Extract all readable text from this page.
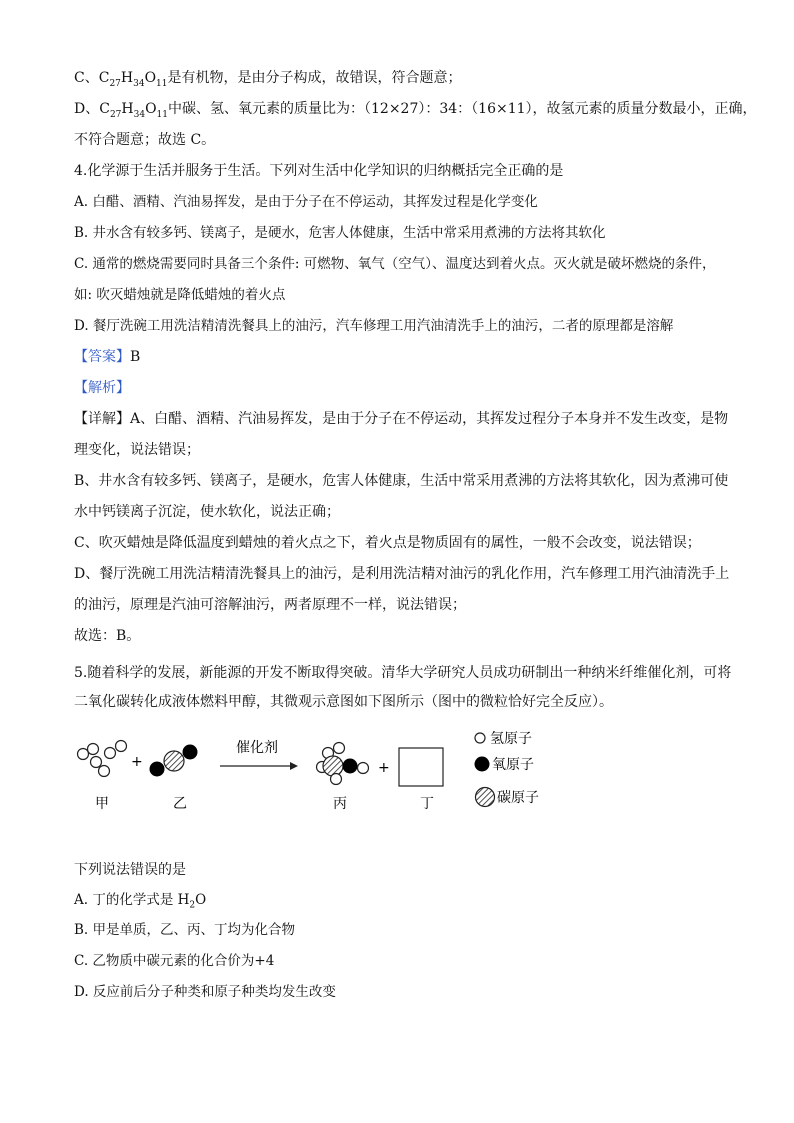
C、$C_{27}H_{34}O_{11}$是有机物，是由分子构成，故错误，符合题意；
D、$C_{27}H_{34}O_{11}$中碳、氢、氧元素的质量比为：（12×27）：34：（16×11），故氢元素的质量分数最小，正确，
不符合题意；故选 C。
4.化学源于生活并服务于生活。下列对生活中化学知识的归纳概括完全正确的是
A. 白醋、酒精、汽油易挥发，是由于分子在不停运动，其挥发过程是化学变化
B. 井水含有较多钙、镁离子，是硬水，危害人体健康，生活中常采用煮沸的方法将其软化
C. 通常的燃烧需要同时具备三个条件: 可燃物、氧气（空气）、温度达到着火点。灭火就是破坏燃烧的条件，
如: 吹灭蜡烛就是降低蜡烛的着火点
D. 餐厅洗碗工用洗洁精清洗餐具上的油污，汽车修理工用汽油清洗手上的油污，二者的原理都是溶解
【答案】B
【解析】
【详解】A、白醋、酒精、汽油易挥发，是由于分子在不停运动，其挥发过程分子本身并不发生改变，是物
理变化，说法错误；
B、井水含有较多钙、镁离子，是硬水，危害人体健康，生活中常采用煮沸的方法将其软化，因为煮沸可使
水中钙镁离子沉淀，使水软化，说法正确；
C、吹灭蜡烛是降低温度到蜡烛的着火点之下，着火点是物质固有的属性，一般不会改变，说法错误；
D、餐厅洗碗工用洗洁精清洗餐具上的油污，是利用洗洁精对油污的乳化作用，汽车修理工用汽油清洗手上
的油污，原理是汽油可溶解油污，两者原理不一样，说法错误；
故选：B。
5.随着科学的发展，新能源的开发不断取得突破。清华大学研究人员成功研制出一种纳米纤维催化剂，可将
二氧化碳转化成液体燃料甲醇，其微观示意图如下图所示（图中的微粒恰好完全反应）。
+
催化剂
+
甲	乙	丙	丁
氢原子
氧原子
碳原子
下列说法错误的是
A. 丁的化学式是 $H_2O$
B. 甲是单质，乙、丙、丁均为化合物
C. 乙物质中碳元素的化合价为+4
D. 反应前后分子种类和原子种类均发生改变
